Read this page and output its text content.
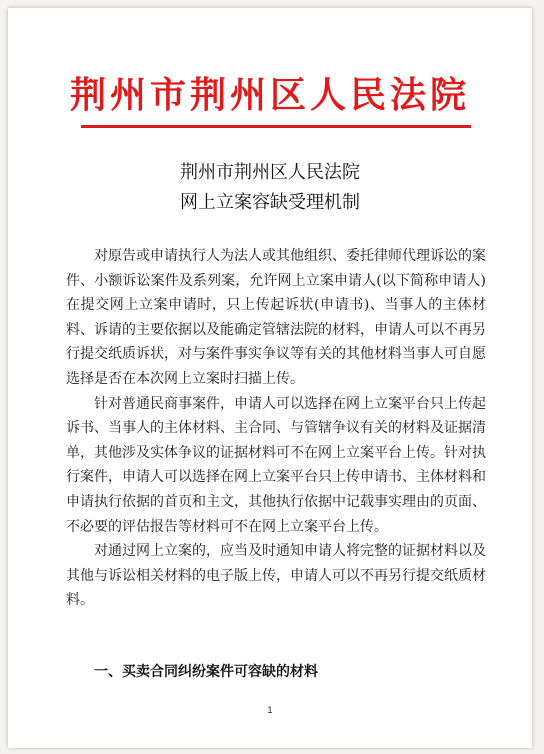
荆州市荆州区人民法院
荆州市荆州区人民法院
网上立案容缺受理机制

对原告或申请执行人为法人或其他组织、委托律师代理诉讼的案件、小额诉讼案件及系列案，允许网上立案申请人(以下简称申请人)在提交网上立案申请时，只上传起诉状(申请书)、当事人的主体材料、诉请的主要依据以及能确定管辖法院的材料，申请人可以不再另行提交纸质诉状，对与案件事实争议等有关的其他材料当事人可自愿选择是否在本次网上立案时扫描上传。

针对普通民商事案件，申请人可以选择在网上立案平台只上传起诉书、当事人的主体材料、主合同、与管辖争议有关的材料及证据清单，其他涉及实体争议的证据材料可不在网上立案平台上传。针对执行案件，申请人可以选择在网上立案平台只上传申请书、主体材料和申请执行依据的首页和主文，其他执行依据中记载事实理由的页面、不必要的评估报告等材料可不在网上立案平台上传。

对通过网上立案的，应当及时通知申请人将完整的证据材料以及其他与诉讼相关材料的电子版上传，申请人可以不再另行提交纸质材料。

一、买卖合同纠纷案件可容缺的材料
1
